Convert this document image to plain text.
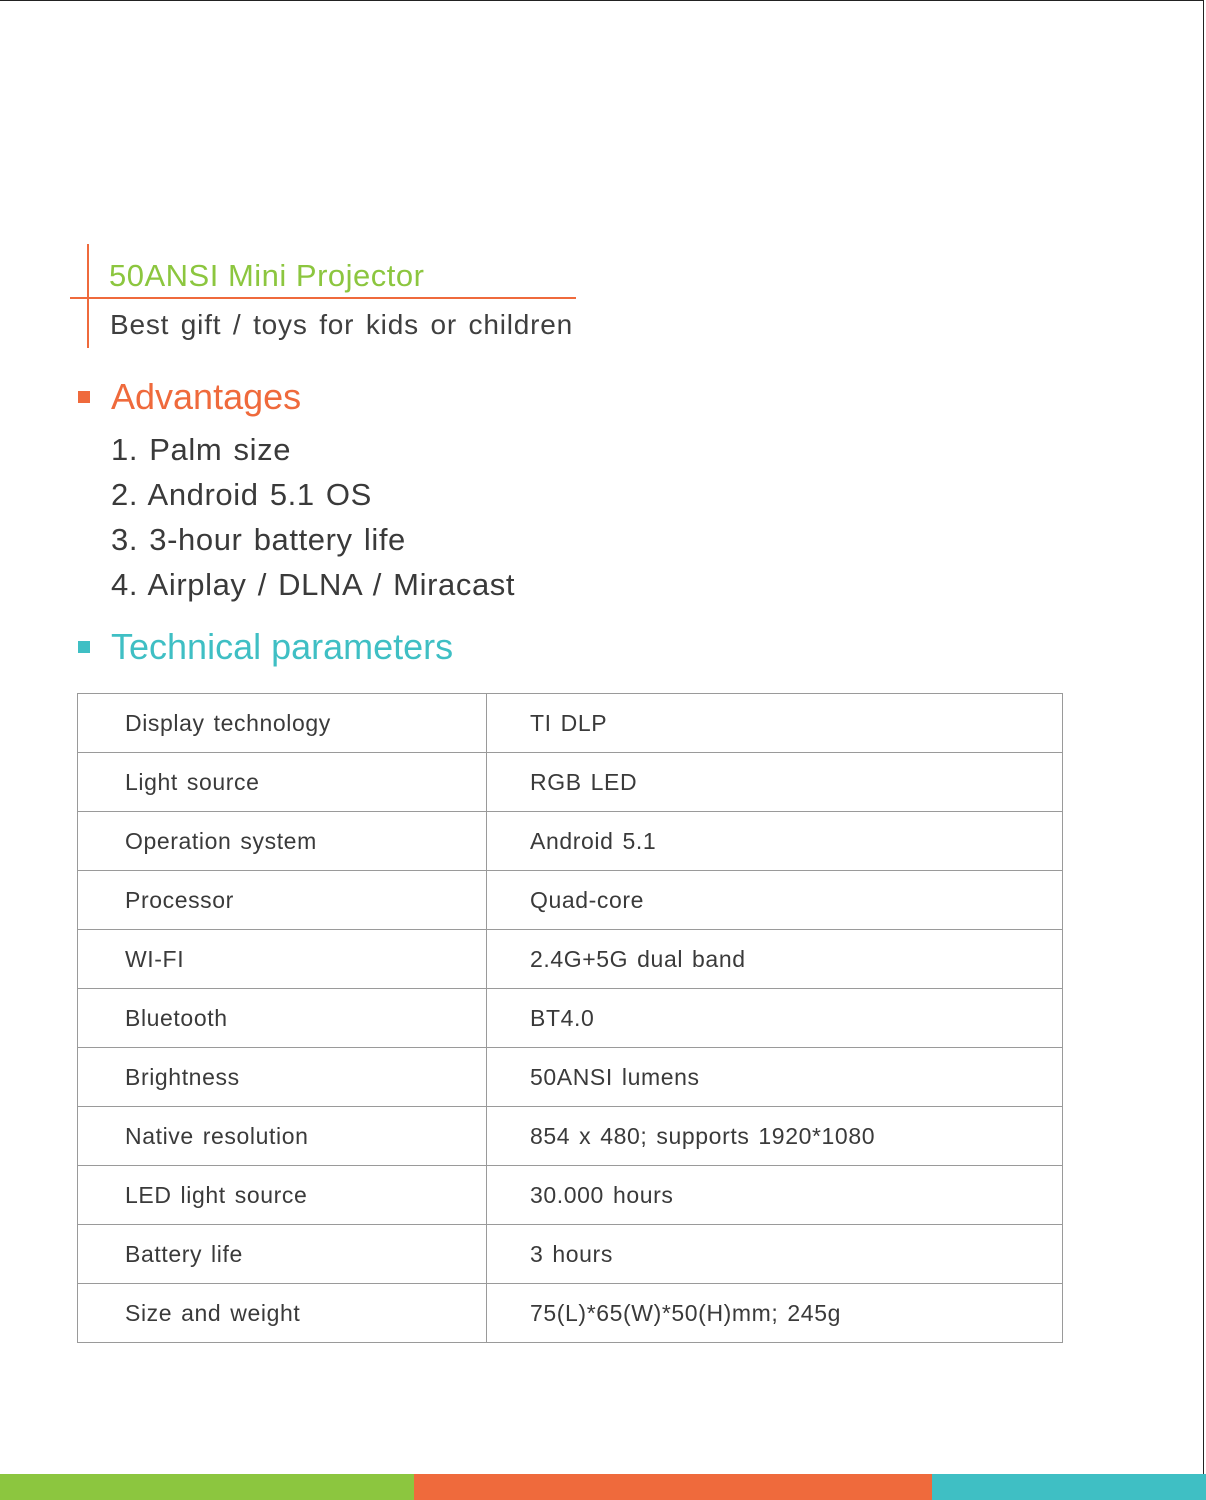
50ANSI Mini Projector
Best gift / toys for kids or children
Advantages
1. Palm size
2. Android 5.1 OS
3. 3-hour battery life
4. Airplay / DLNA / Miracast
Technical parameters
Display technology	TI DLP
Light source	RGB LED
Operation system	Android 5.1
Processor	Quad-core
WI-FI	2.4G+5G dual band
Bluetooth	BT4.0
Brightness	50ANSI lumens
Native resolution	854 x 480; supports 1920*1080
LED light source	30.000 hours
Battery life	3 hours
Size and weight	75(L)*65(W)*50(H)mm; 245g
